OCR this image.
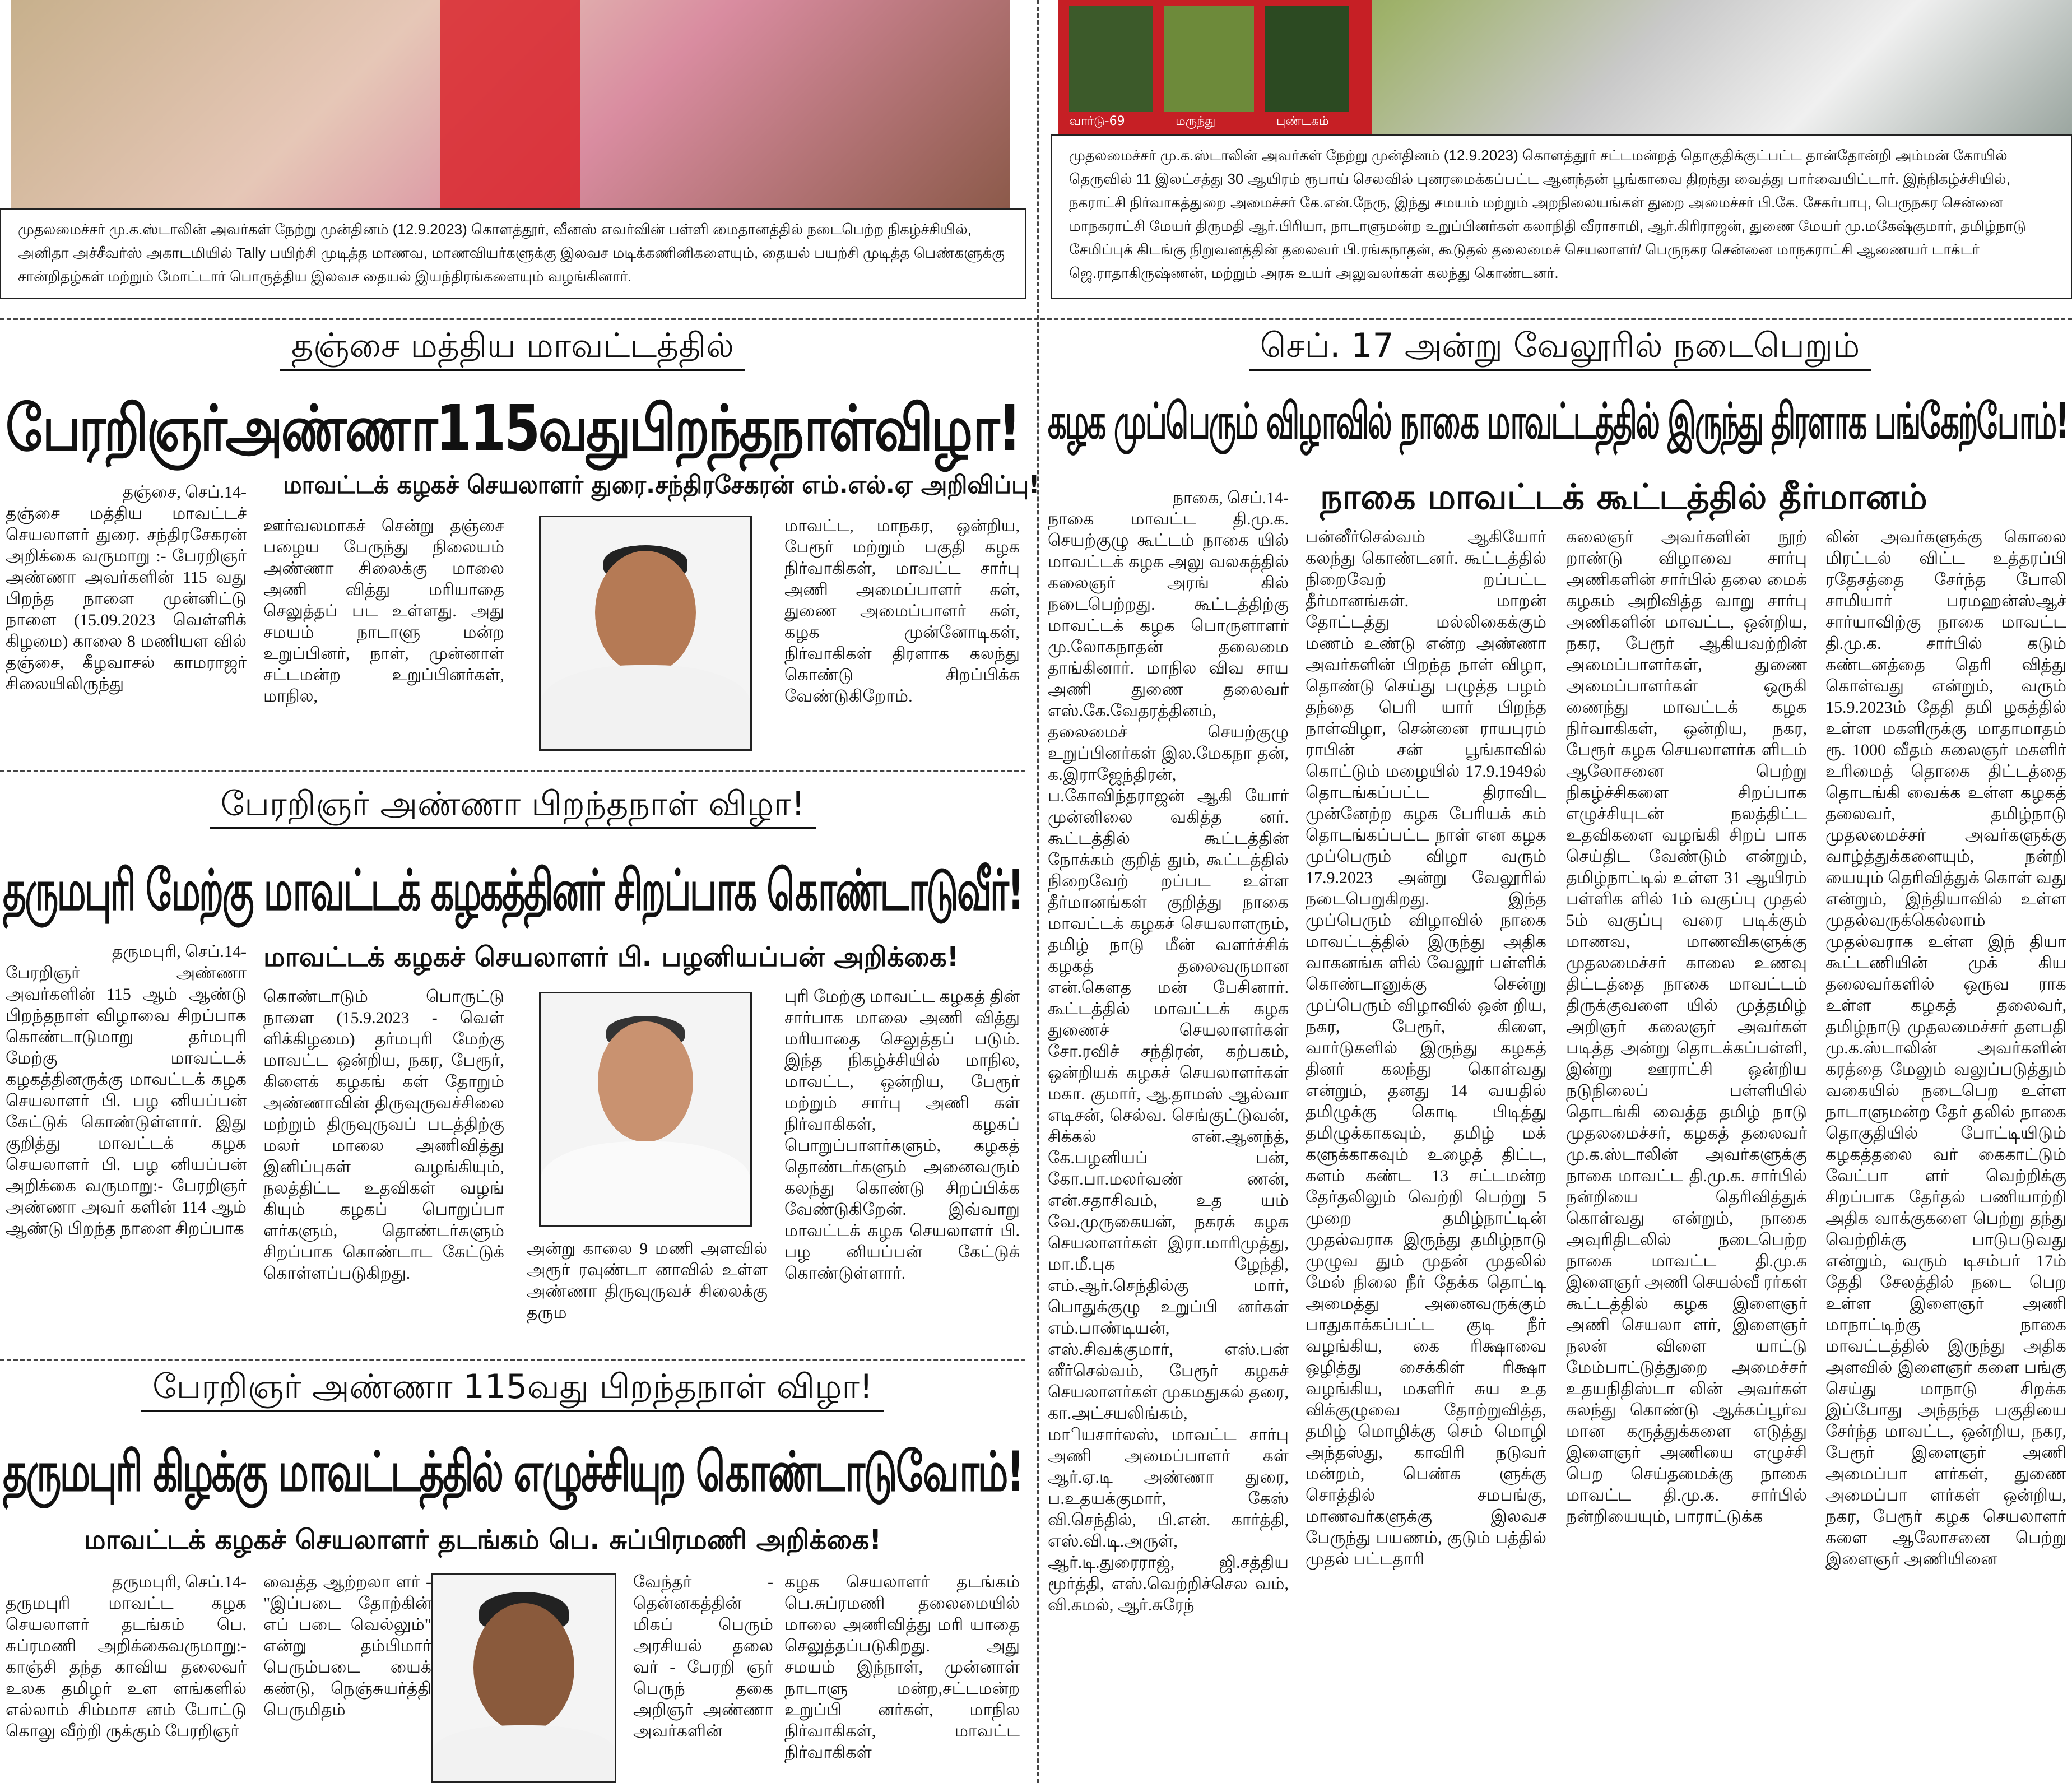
முதலமைச்சர் மு.க.ஸ்டாலின் அவர்கள் நேற்று முன்தினம் (12.9.2023) கொளத்தூர், வீனஸ் எவர்வின் பள்ளி மைதானத்தில் நடைபெற்ற நிகழ்ச்சியில், அனிதா அச்சீவர்ஸ் அகாடமியில் Tally பயிற்சி முடித்த மாணவ, மாணவியர்களுக்கு இலவச மடிக்கணினிகளையும், தையல் பயற்சி முடித்த பெண்களுக்கு சான்றிதழ்கள் மற்றும் மோட்டார் பொருத்திய இலவச தையல் இயந்திரங்களையும் வழங்கினார்.
வார்டு-69	மருந்து	புண்டகம்
முதலமைச்சர் மு.க.ஸ்டாலின் அவர்கள் நேற்று முன்தினம் (12.9.2023) கொளத்தூர் சட்டமன்றத் தொகுதிக்குட்பட்ட தான்தோன்றி அம்மன் கோயில் தெருவில் 11 இலட்சத்து 30 ஆயிரம் ரூபாய் செலவில் புனரமைக்கப்பட்ட ஆனந்தன் பூங்காவை திறந்து வைத்து பார்வையிட்டார். இந்நிகழ்ச்சியில், நகராட்சி நிர்வாகத்துறை அமைச்சர் கே.என்.நேரு, இந்து சமயம் மற்றும் அறநிலையங்கள் துறை அமைச்சர் பி.கே. சேகர்பாபு, பெருநகர சென்னை மாநகராட்சி மேயர் திருமதி ஆர்.பிரியா, நாடாளுமன்ற உறுப்பினர்கள் கலாநிதி வீராசாமி, ஆர்.கிரிராஜன், துணை மேயர் மு.மகேஷ்குமார், தமிழ்நாடு சேமிப்புக் கிடங்கு நிறுவனத்தின் தலைவர் பி.ரங்கநாதன், கூடுதல் தலைமைச் செயலாளர்/ பெருநகர சென்னை மாநகராட்சி ஆணையர் டாக்டர் ஜெ.ராதாகிருஷ்ணன், மற்றும் அரசு உயர் அலுவலர்கள் கலந்து கொண்டனர்.
தஞ்சை மத்திய மாவட்டத்தில்
பேரறிஞர்அண்ணா115வதுபிறந்தநாள்விழா!
மாவட்டக் கழகச் செயலாளர் துரை.சந்திரசேகரன் எம்.எல்.ஏ அறிவிப்பு!
தஞ்சை, செப்.14-
தஞ்சை மத்திய மாவட்டச் செயலாளர் துரை. சந்திரசேகரன் அறிக்கை வருமாறு :- பேரறிஞர் அண்ணா அவர்களின் 115 வது பிறந்த நாளை முன்னிட்டு நாளை (15.09.2023 வெள்ளிக் கிழமை) காலை 8 மணியள வில் தஞ்சை, கீழவாசல் காமராஜர் சிலையிலிருந்து
ஊர்வலமாகச் சென்று தஞ்சை பழைய பேருந்து நிலையம் அண்ணா சிலைக்கு மாலை அணி வித்து மரியாதை செலுத்தப் பட உள்ளது. அது சமயம் நாடாளு மன்ற உறுப்பினர், நாள், முன்னாள் சட்டமன்ற உறுப்பினர்கள், மாநில,
மாவட்ட, மாநகர, ஒன்றிய, பேரூர் மற்றும் பகுதி கழக நிர்வாகிகள், மாவட்ட சார்பு அணி அமைப்பாளர் கள், துணை அமைப்பாளர் கள், கழக முன்னோடிகள், நிர்வாகிகள் திரளாக கலந்து கொண்டு சிறப்பிக்க வேண்டுகிறோம்.
பேரறிஞர் அண்ணா பிறந்தநாள் விழா!
தருமபுரி மேற்கு மாவட்டக் கழகத்தினர் சிறப்பாக கொண்டாடுவீர்!
மாவட்டக் கழகச் செயலாளர் பி. பழனியப்பன் அறிக்கை!
தருமபுரி, செப்.14-
பேரறிஞர் அண்ணா அவர்களின் 115 ஆம் ஆண்டு பிறந்தநாள் விழாவை சிறப்பாக கொண்டாடுமாறு தர்மபுரி மேற்கு மாவட்டக் கழகத்தினருக்கு மாவட்டக் கழக செயலாளர் பி. பழ னியப்பன் கேட்டுக் கொண்டுள்ளார். இது குறித்து மாவட்டக் கழக செயலாளர் பி. பழ னியப்பன் அறிக்கை வருமாறு:- பேரறிஞர் அண்ணா அவர் களின் 114 ஆம் ஆண்டு பிறந்த நாளை சிறப்பாக
கொண்டாடும் பொருட்டு நாளை (15.9.2023 - வெள் ளிக்கிழமை) தர்மபுரி மேற்கு மாவட்ட ஒன்றிய, நகர, பேரூர், கிளைக் கழகங் கள் தோறும் அண்ணாவின் திருவுருவச்சிலை மற்றும் திருவுருவப் படத்திற்கு மலர் மாலை அணிவித்து இனிப்புகள் வழங்கியும், நலத்திட்ட உதவிகள் வழங் கியும் கழகப் பொறுப்பா ளர்களும், தொண்டர்களும் சிறப்பாக கொண்டாட கேட்டுக் கொள்ளப்படுகிறது.
அன்று காலை 9 மணி அளவில் அரூர் ரவுண்டா னாவில் உள்ள அண்ணா திருவுருவச் சிலைக்கு தரும
புரி மேற்கு மாவட்ட கழகத் தின் சார்பாக மாலை அணி வித்து மரியாதை செலுத்தப் படும். இந்த நிகழ்ச்சியில் மாநில, மாவட்ட, ஒன்றிய, பேரூர் மற்றும் சார்பு அணி கள் நிர்வாகிகள், கழகப் பொறுப்பாளர்களும், கழகத் தொண்டர்களும் அனைவரும் கலந்து கொண்டு சிறப்பிக்க வேண்டுகிறேன். இவ்வாறு மாவட்டக் கழக செயலாளர் பி. பழ னியப்பன் கேட்டுக் கொண்டுள்ளார்.
பேரறிஞர் அண்ணா 115வது பிறந்தநாள் விழா!
தருமபுரி கிழக்கு மாவட்டத்தில் எழுச்சியுற கொண்டாடுவோம்!
மாவட்டக் கழகச் செயலாளர் தடங்கம் பெ. சுப்பிரமணி அறிக்கை!
தருமபுரி, செப்.14-
தருமபுரி மாவட்ட கழக செயலாளர் தடங்கம் பெ. சுப்ரமணி அறிக்கைவருமாறு:- காஞ்சி தந்த காவிய தலைவர் உலக தமிழர் உள ளங்களில் எல்லாம் சிம்மாச னம் போட்டு கொலு வீற்றி ருக்கும் பேரறிஞர்
வைத்த ஆற்றலா ளர் - "இப்படை தோற்கின் எப் படை வெல்லும்" என்று தம்பிமார் பெரும்படை யைக் கண்டு, நெஞ்சுயர்த்தி பெருமிதம்
வேந்தர் - தென்னகத்தின் மிகப் பெரும் அரசியல் தலை வர் - பேரறி ஞர் பெருந் தகை அறிஞர் அண்ணா அவர்களின்
கழக செயலாளர் தடங்கம் பெ.சுப்ரமணி தலைமையில் மாலை அணிவித்து மரி யாதை செலுத்தப்படுகிறது. அது சமயம் இந்நாள், முன்னாள் நாடாளு மன்ற,சட்டமன்ற உறுப்பி னர்கள், மாநில நிர்வாகிகள், மாவட்ட நிர்வாகிகள்
செப். 17 அன்று வேலூரில் நடைபெறும்
கழக முப்பெரும் விழாவில் நாகை மாவட்டத்தில் இருந்து திரளாக பங்கேற்போம்!
நாகை மாவட்டக் கூட்டத்தில் தீர்மானம்
நாகை, செப்.14-
நாகை மாவட்ட தி.மு.க. செயற்குழு கூட்டம் நாகை யில் மாவட்டக் கழக அலு வலகத்தில் கலைஞர் அரங் கில் நடைபெற்றது. கூட்டத்திற்கு மாவட்டக் கழக பொருளாளர் மு.லோகநாதன் தலைமை தாங்கினார். மாநில விவ சாய அணி துணை தலைவர் எஸ்.கே.வேதரத்தினம், தலைமைச் செயற்குழு உறுப்பினர்கள் இல.மேகநா தன், க.இராஜேந்திரன், ப.கோவிந்தராஜன் ஆகி யோர் முன்னிலை வகித்த னர். கூட்டத்தில் கூட்டத்தின் நோக்கம் குறித் தும், கூட்டத்தில் நிறைவேற் றப்பட உள்ள தீர்மானங்கள் குறித்து நாகை மாவட்டக் கழகச் செயலாளரும், தமிழ் நாடு மீன் வளர்ச்சிக் கழகத் தலைவருமான என்.கௌத மன் பேசினார். கூட்டத்தில் மாவட்டக் கழக துணைச் செயலாளர்கள் சோ.ரவிச் சந்திரன், கற்பகம், ஒன்றியக் கழகச் செயலாளர்கள் மகா. குமார், ஆ.தாமஸ் ஆல்வா எடிசன், செல்வ. செங்குட்டுவன், சிக்கல் என்.ஆனந்த், கே.பழனியப் பன், கோ.பா.மலர்வண் ணன், என்.சதாசிவம், உத யம் வே.முருகையன், நகரக் கழக செயலாளர்கள் இரா.மாரிமுத்து, மா.மீ.புக ழேந்தி, எம்.ஆர்.செந்தில்கு மார், பொதுக்குழு உறுப்பி னர்கள் எம்.பாண்டியன், எஸ்.சிவக்குமார், எஸ்.பன் னீர்செல்வம், பேரூர் கழகச் செயலாளர்கள் முகமதுகல் தரை, கா.அட்சயலிங்கம், மாியசார்லஸ், மாவட்ட சார்பு அணி அமைப்பாளர் கள் ஆர்.ஏ.டி அண்ணா துரை, ப.உதயக்குமார், கேஸ் வி.செந்தில், பி.என். கார்த்தி, எஸ்.வி.டி.அருள், ஆர்.டி.துரைராஜ், ஜி.சத்திய மூர்த்தி, எஸ்.வெற்றிச்செல வம், வி.கமல், ஆர்.சுரேந்
பன்னீர்செல்வம் ஆகியோர் கலந்து கொண்டனர். கூட்டத்தில் நிறைவேற் றப்பட்ட தீர்மானங்கள். மாறன் தோட்டத்து மல்லிகைக்கும் மணம் உண்டு என்ற அண்ணா அவர்களின் பிறந்த நாள் விழா, தொண்டு செய்து பழுத்த பழம் தந்தை பெரி யார் பிறந்த நாள்விழா, சென்னை ராயபுரம் ராபின் சன் பூங்காவில் கொட்டும் மழையில் 17.9.1949ல் தொடங்கப்பட்ட திராவிட முன்னேற்ற கழக பேரியக் கம் தொடங்கப்பட்ட நாள் என கழக முப்பெரும் விழா வரும் 17.9.2023 அன்று வேலூரில் நடைபெறுகிறது. இந்த முப்பெரும் விழாவில் நாகை மாவட்டத்தில் இருந்து அதிக வாகனங்க ளில் வேலூர் பள்ளிக் கொண்டானுக்கு சென்று முப்பெரும் விழாவில் ஒன் றிய, நகர, பேரூர், கிளை, வார்டுகளில் இருந்து கழகத் தினர் கலந்து கொள்வது என்றும், தனது 14 வயதில் தமிழுக்கு கொடி பிடித்து தமிழுக்காகவும், தமிழ் மக் களுக்காகவும் உழைத் திட்ட, களம் கண்ட 13 சட்டமன்ற தேர்தலிலும் வெற்றி பெற்று 5 முறை தமிழ்நாட்டின் முதல்வராக இருந்து தமிழ்நாடு முழுவ தும் முதன் முதலில் மேல் நிலை நீர் தேக்க தொட்டி அமைத்து அனைவருக்கும் பாதுகாக்கப்பட்ட குடி நீர் வழங்கிய, கை ரிக்ஷாவை ஒழித்து சைக்கிள் ரிக்ஷா வழங்கிய, மகளிர் சுய உத விக்குழுவை தோற்றுவித்த, தமிழ் மொழிக்கு செம் மொழி அந்தஸ்து, காவிரி நடுவர் மன்றம், பெண்க ளுக்கு சொத்தில் சமபங்கு, மாணவர்களுக்கு இலவச பேருந்து பயணம், குடும் பத்தில் முதல் பட்டதாரி
கலைஞர் அவர்களின் நூற் றாண்டு விழாவை சார்பு அணிகளின் சார்பில் தலை மைக் கழகம் அறிவித்த வாறு சார்பு அணிகளின் மாவட்ட, ஒன்றிய, நகர, பேரூர் ஆகியவற்றின் அமைப்பாளர்கள், துணை அமைப்பாளர்கள் ஒருகி ணைந்து மாவட்டக் கழக நிர்வாகிகள், ஒன்றிய, நகர, பேரூர் கழக செயலாளர்க ளிடம் ஆலோசனை பெற்று நிகழ்ச்சிகளை சிறப்பாக எழுச்சியுடன் நலத்திட்ட உதவிகளை வழங்கி சிறப் பாக செய்திட வேண்டும் என்றும், தமிழ்நாட்டில் உள்ள 31 ஆயிரம் பள்ளிக ளில் 1ம் வகுப்பு முதல் 5ம் வகுப்பு வரை படிக்கும் மாணவ, மாணவிகளுக்கு முதலமைச்சர் காலை உணவு திட்டத்தை நாகை மாவட்டம் திருக்குவளை யில் முத்தமிழ் அறிஞர் கலைஞர் அவர்கள் படித்த அன்று தொடக்கப்பள்ளி, இன்று ஊராட்சி ஒன்றிய நடுநிலைப் பள்ளியில் தொடங்கி வைத்த தமிழ் நாடு முதலமைச்சர், கழகத் தலைவர் மு.க.ஸ்டாலின் அவர்களுக்கு நாகை மாவட்ட தி.மு.க. சார்பில் நன்றியை தெரிவித்துக் கொள்வது என்றும், நாகை அவுரிதிடலில் நடைபெற்ற நாகை மாவட்ட தி.மு.க இளைஞர் அணி செயல்வீ ரர்கள் கூட்டத்தில் கழக இளைஞர் அணி செயலா ளர், இளைஞர் நலன் விளை யாட்டு மேம்பாட்டுத்துறை அமைச்சர் உதயநிதிஸ்டா லின் அவர்கள் கலந்து கொண்டு ஆக்கப்பூர்வ மான கருத்துக்களை எடுத்து இளைஞர் அணியை எழுச்சி பெற செய்தமைக்கு நாகை மாவட்ட தி.மு.க. சார்பில் நன்றியையும், பாராட்டுக்க
லின் அவர்களுக்கு கொலை மிரட்டல் விட்ட உத்தரப்பி ரதேசத்தை சேர்ந்த போலி சாமியார் பரமஹன்ஸ்ஆச் சார்யாவிற்கு நாகை மாவட்ட தி.மு.க. சார்பில் கடும் கண்டனத்தை தெரி வித்து கொள்வது என்றும், வரும் 15.9.2023ம் தேதி தமி ழகத்தில் உள்ள மகளிருக்கு மாதாமாதம் ரூ. 1000 வீதம் கலைஞர் மகளிர் உரிமைத் தொகை திட்டத்தை தொடங்கி வைக்க உள்ள கழகத் தலைவர், தமிழ்நாடு முதலமைச்சர் அவர்களுக்கு வாழ்த்துக்களையும், நன்றி யையும் தெரிவித்துக் கொள் வது என்றும், இந்தியாவில் உள்ள முதல்வருக்கெல்லாம் முதல்வராக உள்ள இந் தியா கூட்டணியின் முக் கிய தலைவர்களில் ஒருவ ராக உள்ள கழகத் தலைவர், தமிழ்நாடு முதலமைச்சர் தளபதி மு.க.ஸ்டாலின் அவர்களின் கரத்தை மேலும் வலுப்படுத்தும் வகையில் நடைபெற உள்ள நாடாளுமன்ற தேர் தலில் நாகை தொகுதியில் போட்டியிடும் கழகத்தலை வர் கைகாட்டும் வேட்பா ளர் வெற்றிக்கு சிறப்பாக தேர்தல் பணியாற்றி அதிக வாக்குகளை பெற்று தந்து வெற்றிக்கு பாடுபடுவது என்றும், வரும் டிசம்பர் 17ம் தேதி சேலத்தில் நடை பெற உள்ள இளைஞர் அணி மாநாட்டிற்கு நாகை மாவட்டத்தில் இருந்து அதிக அளவில் இளைஞர் களை பங்கு செய்து மாநாடு சிறக்க இப்போது அந்தந்த பகுதியை சேர்ந்த மாவட்ட, ஒன்றிய, நகர, பேரூர் இளைஞர் அணி அமைப்பா ளர்கள், துணை அமைப்பா ளர்கள் ஒன்றிய, நகர, பேரூர் கழக செயலாளர் களை ஆலோசனை பெற்று இளைஞர் அணியினை
